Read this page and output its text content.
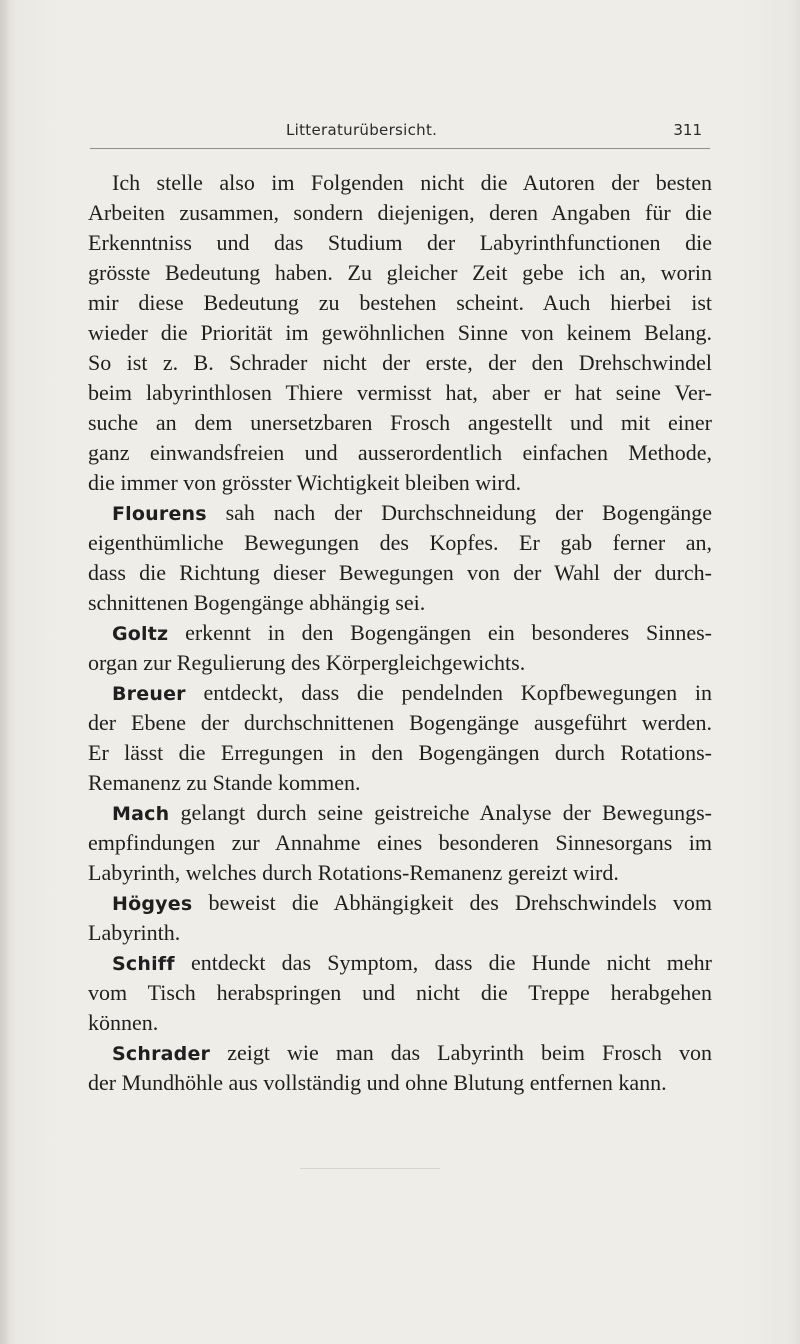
Litteraturübersicht.	311
Ich stelle also im Folgenden nicht die Autoren der besten
Arbeiten zusammen, sondern diejenigen, deren Angaben für die
Erkenntniss und das Studium der Labyrinthfunctionen die
grösste Bedeutung haben. Zu gleicher Zeit gebe ich an, worin
mir diese Bedeutung zu bestehen scheint. Auch hierbei ist
wieder die Priorität im gewöhnlichen Sinne von keinem Belang.
So ist z. B. Schrader nicht der erste, der den Drehschwindel
beim labyrinthlosen Thiere vermisst hat, aber er hat seine Ver-
suche an dem unersetzbaren Frosch angestellt und mit einer
ganz einwandsfreien und ausserordentlich einfachen Methode,
die immer von grösster Wichtigkeit bleiben wird.
Flourens sah nach der Durchschneidung der Bogengänge
eigenthümliche Bewegungen des Kopfes. Er gab ferner an,
dass die Richtung dieser Bewegungen von der Wahl der durch-
schnittenen Bogengänge abhängig sei.
Goltz erkennt in den Bogengängen ein besonderes Sinnes-
organ zur Regulierung des Körpergleichgewichts.
Breuer entdeckt, dass die pendelnden Kopfbewegungen in
der Ebene der durchschnittenen Bogengänge ausgeführt werden.
Er lässt die Erregungen in den Bogengängen durch Rotations-
Remanenz zu Stande kommen.
Mach gelangt durch seine geistreiche Analyse der Bewegungs-
empfindungen zur Annahme eines besonderen Sinnesorgans im
Labyrinth, welches durch Rotations-Remanenz gereizt wird.
Högyes beweist die Abhängigkeit des Drehschwindels vom
Labyrinth.
Schiff entdeckt das Symptom, dass die Hunde nicht mehr
vom Tisch herabspringen und nicht die Treppe herabgehen
können.
Schrader zeigt wie man das Labyrinth beim Frosch von
der Mundhöhle aus vollständig und ohne Blutung entfernen kann.
